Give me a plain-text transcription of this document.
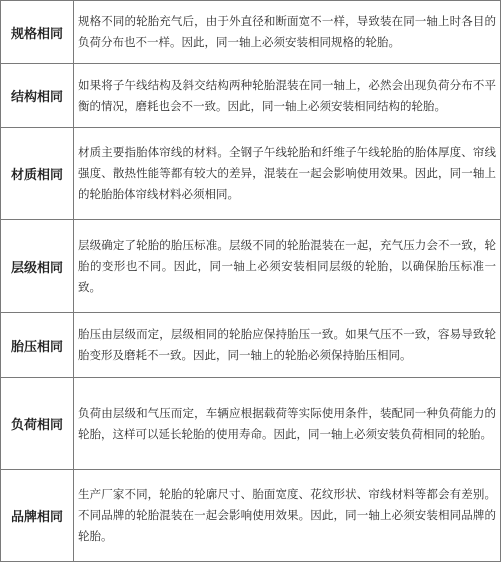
规格相同	规格不同的轮胎充气后，由于外直径和断面宽不一样，导致装在同一轴上时各目的负荷分布也不一样。因此，同一轴上必须安装相同规格的轮胎。
结构相同	如果将子午线结构及斜交结构两种轮胎混装在同一轴上，必然会出现负荷分布不平衡的情况，磨耗也会不一致。因此，同一轴上必须安装相同结构的轮胎。
材质相同	材质主要指胎体帘线的材料。全钢子午线轮胎和纤维子午线轮胎的胎体厚度、帘线强度、散热性能等都有较大的差异，混装在一起会影响使用效果。因此，同一轴上的轮胎胎体帘线材料必须相同。
层级相同	层级确定了轮胎的胎压标准。层级不同的轮胎混装在一起，充气压力会不一致，轮胎的变形也不同。因此，同一轴上必须安装相同层级的轮胎，以确保胎压标准一致。
胎压相同	胎压由层级而定，层级相同的轮胎应保持胎压一致。如果气压不一致，容易导致轮胎变形及磨耗不一致。因此，同一轴上的轮胎必须保持胎压相同。
负荷相同	负荷由层级和气压而定，车辆应根据载荷等实际使用条件，装配同一种负荷能力的轮胎，这样可以延长轮胎的使用寿命。因此，同一轴上必须安装负荷相同的轮胎。
品牌相同	生产厂家不同，轮胎的轮廓尺寸、胎面宽度、花纹形状、帘线材料等都会有差别。不同品牌的轮胎混装在一起会影响使用效果。因此，同一轴上必须安装相同品牌的轮胎。
